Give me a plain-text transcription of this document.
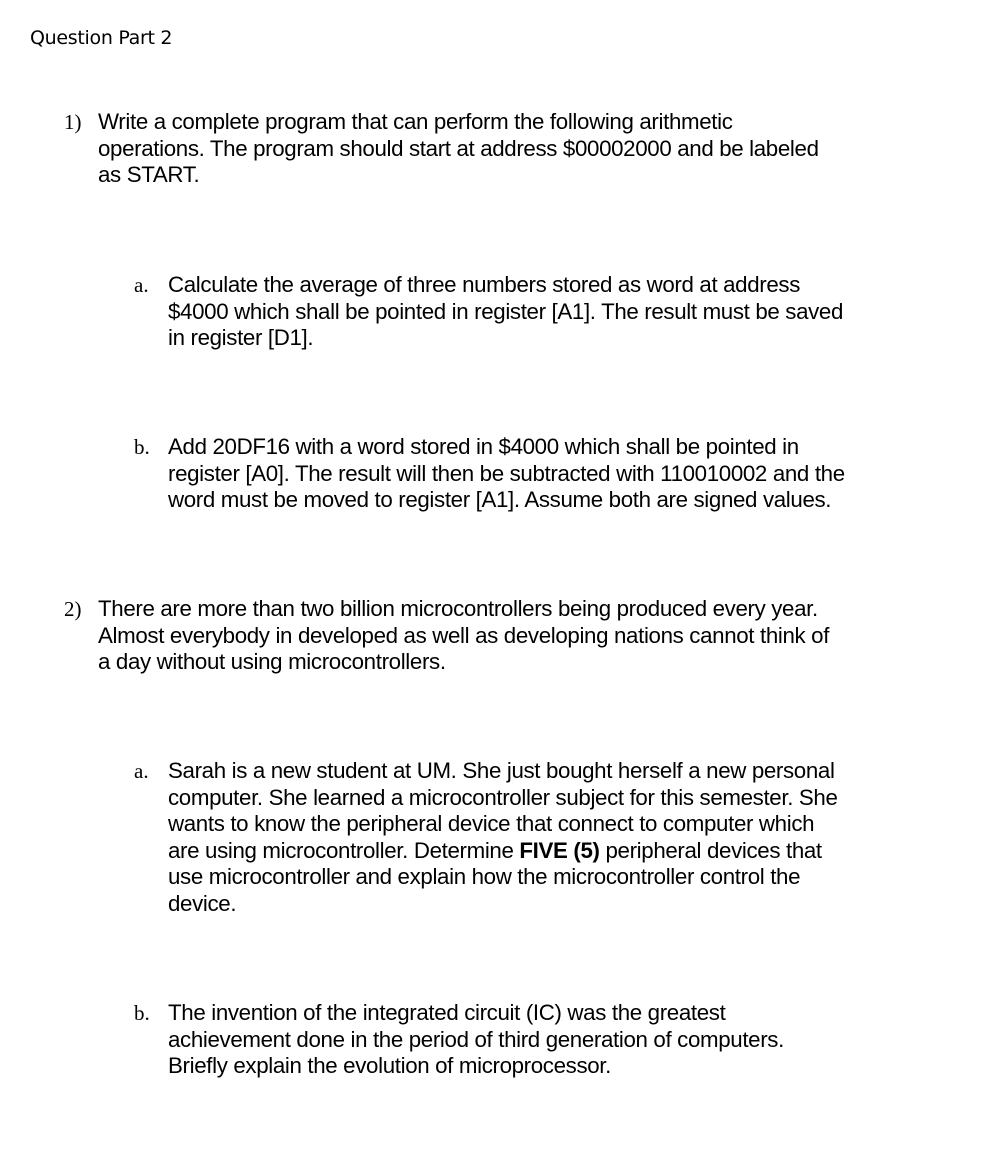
Question Part 2
1) Write a complete program that can perform the following arithmetic
operations. The program should start at address $00002000 and be labeled
as START.
a. Calculate the average of three numbers stored as word at address
$4000 which shall be pointed in register [A1]. The result must be saved
in register [D1].
b. Add 20DF16 with a word stored in $4000 which shall be pointed in
register [A0]. The result will then be subtracted with 110010002 and the
word must be moved to register [A1]. Assume both are signed values.
2) There are more than two billion microcontrollers being produced every year.
Almost everybody in developed as well as developing nations cannot think of
a day without using microcontrollers.
a. Sarah is a new student at UM. She just bought herself a new personal
computer. She learned a microcontroller subject for this semester. She
wants to know the peripheral device that connect to computer which
are using microcontroller. Determine FIVE (5) peripheral devices that
use microcontroller and explain how the microcontroller control the
device.
b. The invention of the integrated circuit (IC) was the greatest
achievement done in the period of third generation of computers.
Briefly explain the evolution of microprocessor.
